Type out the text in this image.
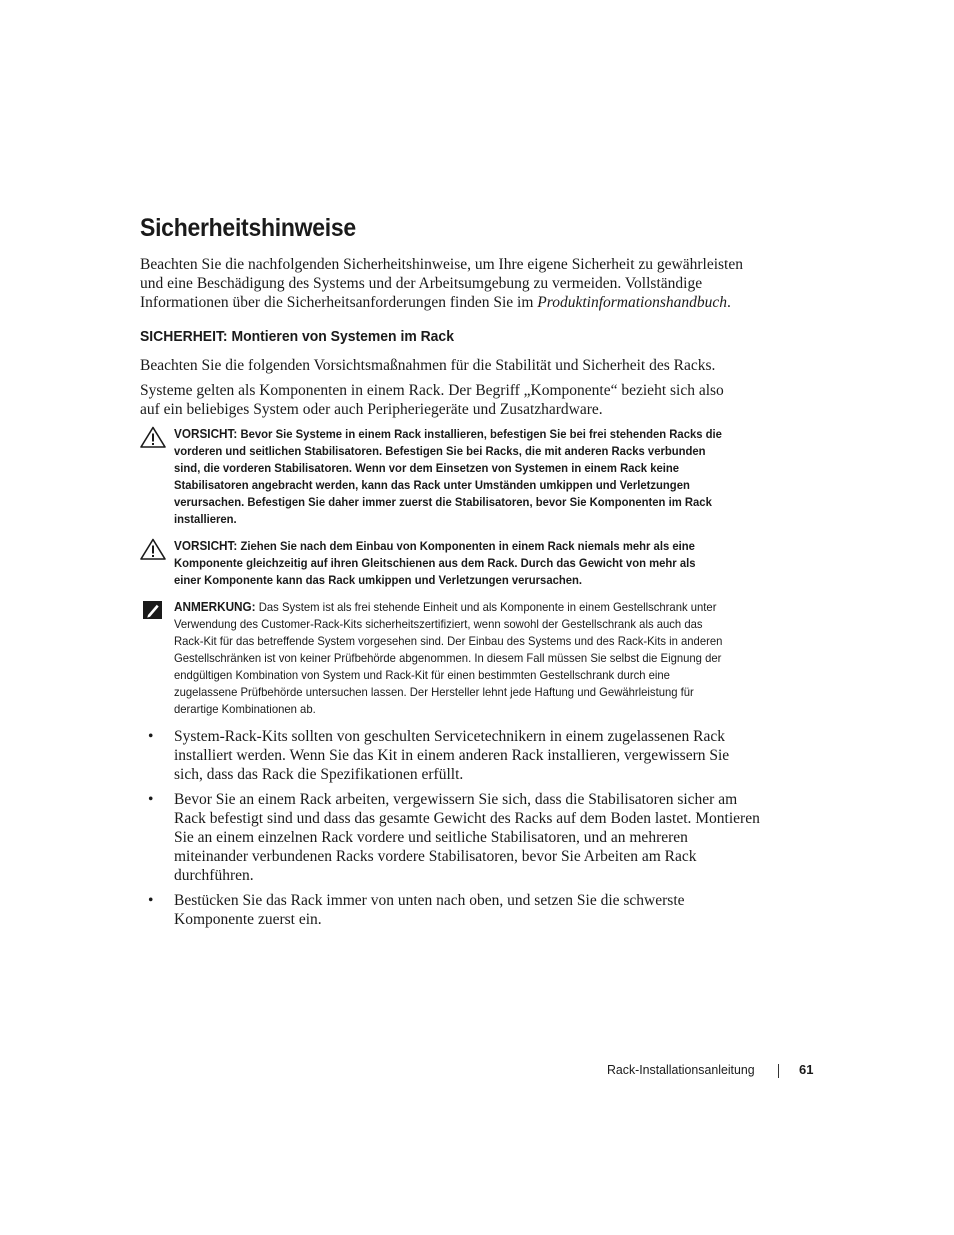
Sicherheitshinweise

Beachten Sie die nachfolgenden Sicherheitshinweise, um Ihre eigene Sicherheit zu gewährleisten und eine Beschädigung des Systems und der Arbeitsumgebung zu vermeiden. Vollständige Informationen über die Sicherheitsanforderungen finden Sie im Produktinformationshandbuch.

SICHERHEIT: Montieren von Systemen im Rack

Beachten Sie die folgenden Vorsichtsmaßnahmen für die Stabilität und Sicherheit des Racks.

Systeme gelten als Komponenten in einem Rack. Der Begriff „Komponente“ bezieht sich also auf ein beliebiges System oder auch Peripheriegeräte und Zusatzhardware.

VORSICHT: Bevor Sie Systeme in einem Rack installieren, befestigen Sie bei frei stehenden Racks die vorderen und seitlichen Stabilisatoren. Befestigen Sie bei Racks, die mit anderen Racks verbunden sind, die vorderen Stabilisatoren. Wenn vor dem Einsetzen von Systemen in einem Rack keine Stabilisatoren angebracht werden, kann das Rack unter Umständen umkippen und Verletzungen verursachen. Befestigen Sie daher immer zuerst die Stabilisatoren, bevor Sie Komponenten im Rack installieren.
VORSICHT: Ziehen Sie nach dem Einbau von Komponenten in einem Rack niemals mehr als eine Komponente gleichzeitig auf ihren Gleitschienen aus dem Rack. Durch das Gewicht von mehr als einer Komponente kann das Rack umkippen und Verletzungen verursachen.
ANMERKUNG: Das System ist als frei stehende Einheit und als Komponente in einem Gestellschrank unter Verwendung des Customer-Rack-Kits sicherheitszertifiziert, wenn sowohl der Gestellschrank als auch das Rack-Kit für das betreffende System vorgesehen sind. Der Einbau des Systems und des Rack-Kits in anderen Gestellschränken ist von keiner Prüfbehörde abgenommen. In diesem Fall müssen Sie selbst die Eignung der endgültigen Kombination von System und Rack-Kit für einen bestimmten Gestellschrank durch eine zugelassene Prüfbehörde untersuchen lassen. Der Hersteller lehnt jede Haftung und Gewährleistung für derartige Kombinationen ab.
• System-Rack-Kits sollten von geschulten Servicetechnikern in einem zugelassenen Rack installiert werden. Wenn Sie das Kit in einem anderen Rack installieren, vergewissern Sie sich, dass das Rack die Spezifikationen erfüllt.
• Bevor Sie an einem Rack arbeiten, vergewissern Sie sich, dass die Stabilisatoren sicher am Rack befestigt sind und dass das gesamte Gewicht des Racks auf dem Boden lastet. Montieren Sie an einem einzelnen Rack vordere und seitliche Stabilisatoren, und an mehreren miteinander verbundenen Racks vordere Stabilisatoren, bevor Sie Arbeiten am Rack durchführen.
• Bestücken Sie das Rack immer von unten nach oben, und setzen Sie die schwerste Komponente zuerst ein.
Rack-Installationsanleitung	61
